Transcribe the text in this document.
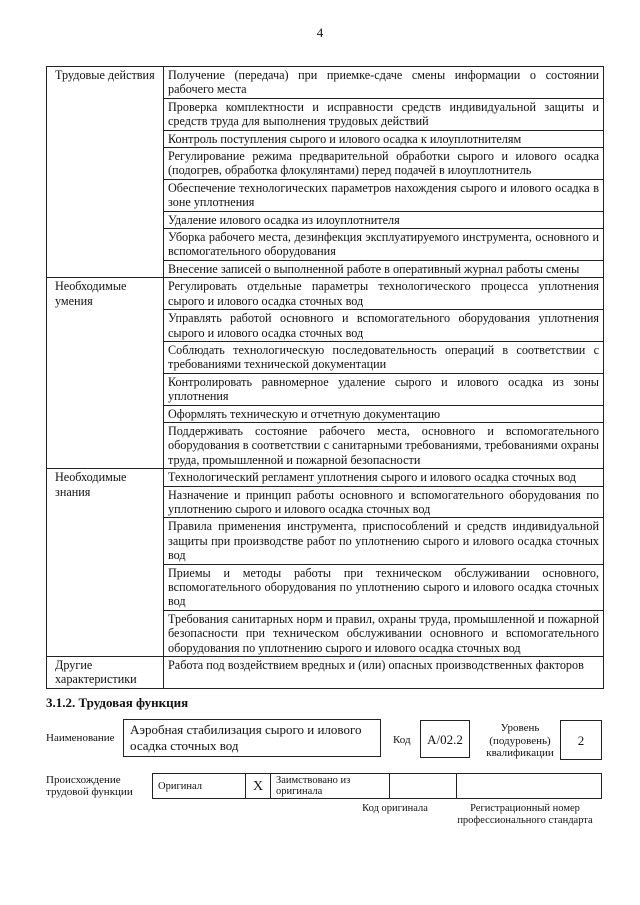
4
Трудовые действия	Получение (передача) при приемке-сдаче смены информации о состоянии рабочего места
	Проверка комплектности и исправности средств индивидуальной защиты и средств труда для выполнения трудовых действий
	Контроль поступления сырого и илового осадка к илоуплотнителям
	Регулирование режима предварительной обработки сырого и илового осадка (подогрев, обработка флокулянтами) перед подачей в илоуплотнитель
	Обеспечение технологических параметров нахождения сырого и илового осадка в зоне уплотнения
	Удаление илового осадка из илоуплотнителя
	Уборка рабочего места, дезинфекция эксплуатируемого инструмента, основного и вспомогательного оборудования
	Внесение записей о выполненной работе в оперативный журнал работы смены
Необходимые умения	Регулировать отдельные параметры технологического процесса уплотнения сырого и илового осадка сточных вод
	Управлять работой основного и вспомогательного оборудования уплотнения сырого и илового осадка сточных вод
	Соблюдать технологическую последовательность операций в соответствии с требованиями технической документации
	Контролировать равномерное удаление сырого и илового осадка из зоны уплотнения
	Оформлять техническую и отчетную документацию
	Поддерживать состояние рабочего места, основного и вспомогательного оборудования в соответствии с санитарными требованиями, требованиями охраны труда, промышленной и пожарной безопасности
Необходимые знания	Технологический регламент уплотнения сырого и илового осадка сточных вод
	Назначение и принцип работы основного и вспомогательного оборудования по уплотнению сырого и илового осадка сточных вод
	Правила применения инструмента, приспособлений и средств индивидуальной защиты при производстве работ по уплотнению сырого и илового осадка сточных вод
	Приемы и методы работы при техническом обслуживании основного, вспомогательного оборудования по уплотнению сырого и илового осадка сточных вод
	Требования санитарных норм и правил, охраны труда, промышленной и пожарной безопасности при техническом обслуживании основного и вспомогательного оборудования по уплотнению сырого и илового осадка сточных вод
Другие характеристики	Работа под воздействием вредных и (или) опасных производственных факторов
3.1.2. Трудовая функция
Наименование
Аэробная стабилизация сырого и илового осадка сточных вод	Код	А/02.2
Уровень (подуровень) квалификации
2
Происхождение трудовой функции	Оригинал	X	Заимствовано из оригинала		
Код оригинала	Регистрационный номер профессионального стандарта
